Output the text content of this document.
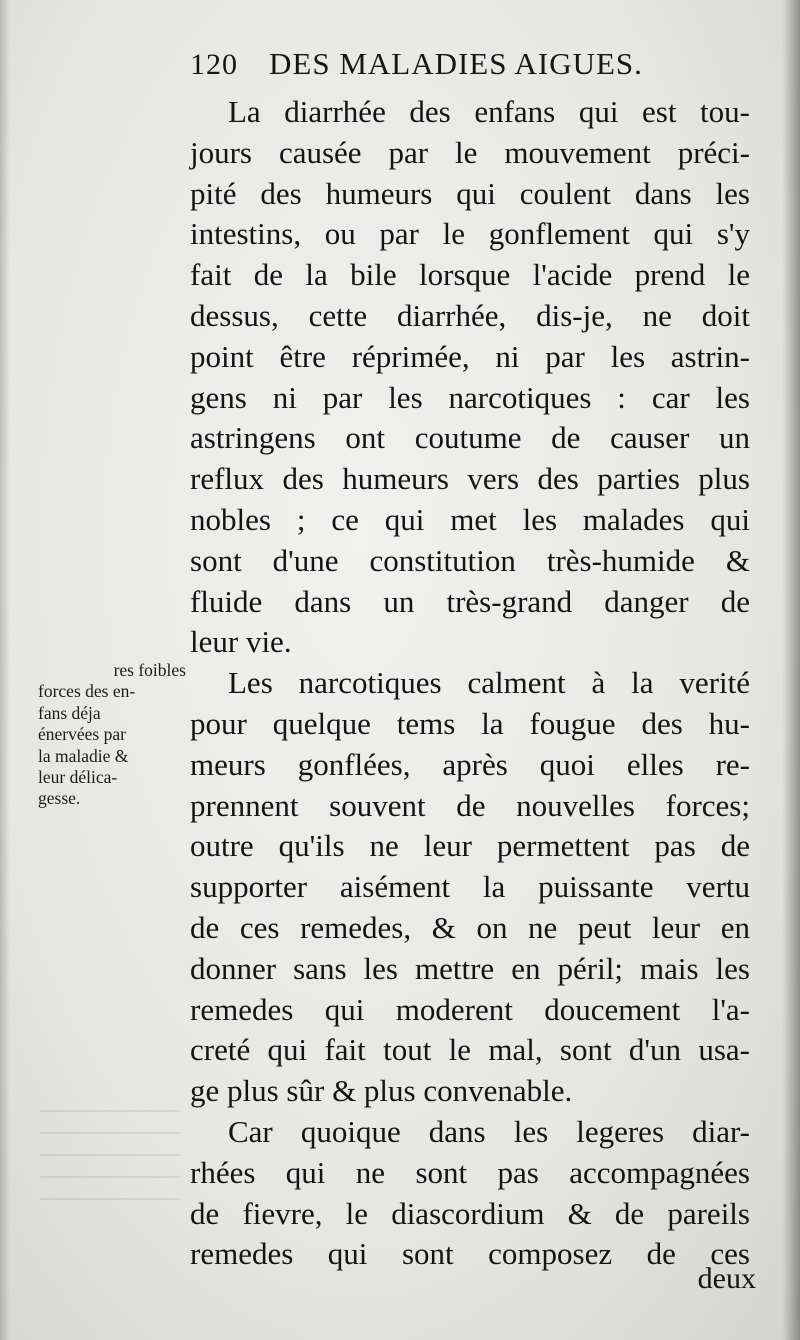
120 DES MALADIES AIGUES.
La diarrhée des enfans qui est tou-
jours causée par le mouvement préci-
pité des humeurs qui coulent dans les
intestins, ou par le gonflement qui s'y
fait de la bile lorsque l'acide prend le
dessus, cette diarrhée, dis-je, ne doit
point être réprimée, ni par les astrin-
gens ni par les narcotiques : car les
astringens ont coutume de causer un
reflux des humeurs vers des parties plus
nobles ; ce qui met les malades qui
sont d'une constitution très-humide &
fluide dans un très-grand danger de
leur vie.
Les narcotiques calment à la verité
pour quelque tems la fougue des hu-
meurs gonflées, après quoi elles re-
prennent souvent de nouvelles forces;
outre qu'ils ne leur permettent pas de
supporter aisément la puissante vertu
de ces remedes, & on ne peut leur en
donner sans les mettre en péril; mais les
remedes qui moderent doucement l'a-
creté qui fait tout le mal, sont d'un usa-
ge plus sûr & plus convenable.
Car quoique dans les legeres diar-
rhées qui ne sont pas accompagnées
de fievre, le diascordium & de pareils
remedes qui sont composez de ces
res foibles
forces des en-
fans déja
énervées par
la maladie &
leur délica-
gesse.
deux
